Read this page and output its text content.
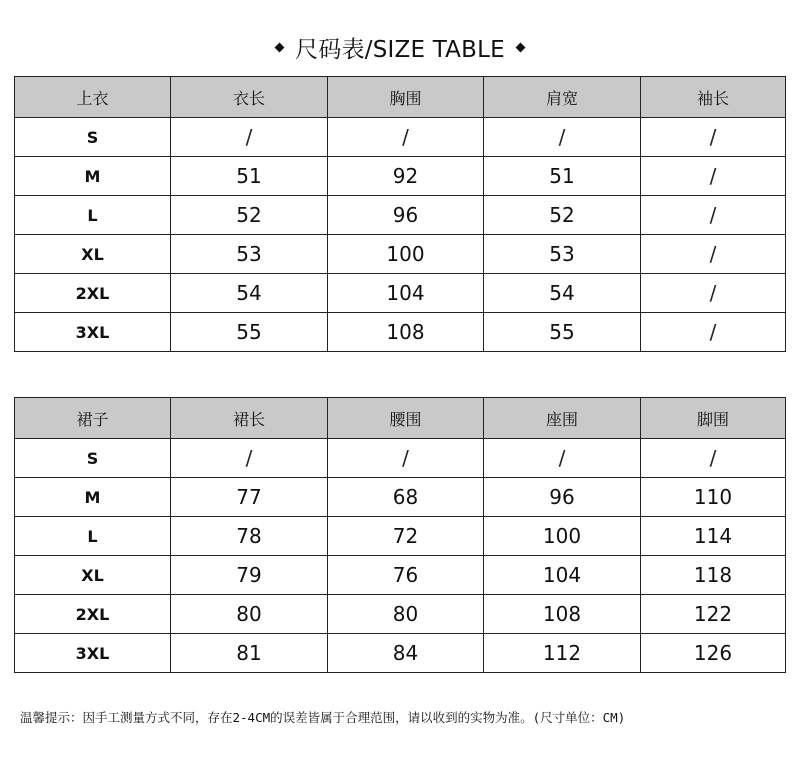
尺码表/SIZE TABLE
上衣	衣长	胸围	肩宽	袖长
S	/	/	/	/
M	51	92	51	/
L	52	96	52	/
XL	53	100	53	/
2XL	54	104	54	/
3XL	55	108	55	/
裙子	裙长	腰围	座围	脚围
S	/	/	/	/
M	77	68	96	110
L	78	72	100	114
XL	79	76	104	118
2XL	80	80	108	122
3XL	81	84	112	126
温馨提示：因手工测量方式不同，存在2-4CM的误差皆属于合理范围，请以收到的实物为准。(尺寸单位：CM)
